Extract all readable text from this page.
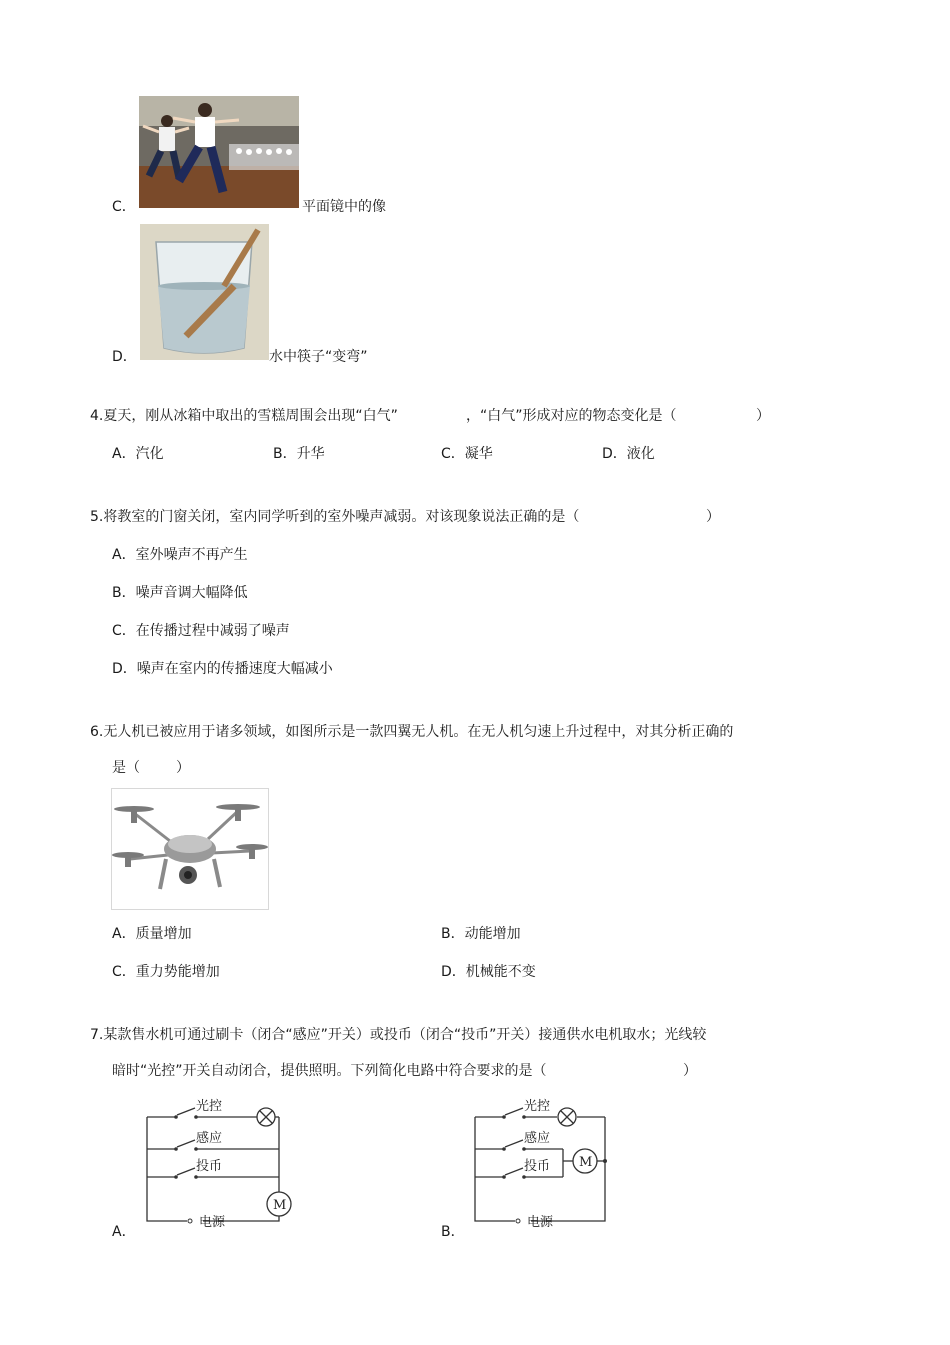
C．	平面镜中的像
D．	水中筷子“变弯”
4.夏天，刚从冰箱中取出的雪糕周围会出现“白气”	，“白气”形成对应的物态变化是（	）
A．汽化	B．升华	C．凝华	D．液化
5.将教室的门窗关闭，室内同学听到的室外噪声减弱。对该现象说法正确的是（	）
A．室外噪声不再产生
B．噪声音调大幅降低
C．在传播过程中减弱了噪声
D．噪声在室内的传播速度大幅减小
6.无人机已被应用于诸多领域，如图所示是一款四翼无人机。在无人机匀速上升过程中，对其分析正确的
是（	）
A．质量增加	B．动能增加
C．重力势能增加	D．机械能不变
7.某款售水机可通过刷卡（闭合“感应”开关）或投币（闭合“投币”开关）接通供水电机取水；光线较
暗时“光控”开关自动闭合，提供照明。下列简化电路中符合要求的是（	）
光控
感应
投币
电源
M
A．
光控
感应
投币
电源
M
B．
